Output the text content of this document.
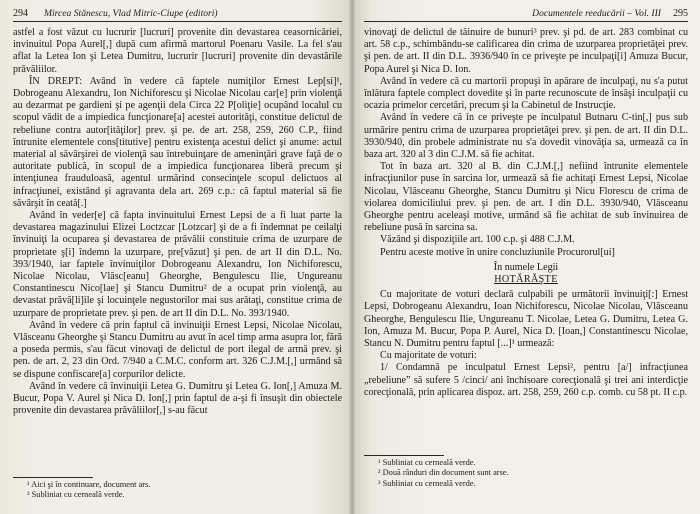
294 Mircea Stănescu, Vlad Mitric-Ciupe (editori)

astfel a fost văzut cu lucrurir [lucruri] provenite din devastarea ceasornicăriei, invinuitul Popa Aurel[,] după cum afirmă martorul Poenaru Vasile. La fel s'au aflat la Letea Ion şi Letea Dumitru, lucrurir [lucruri] provenite din devastările prăvăliilor.

ÎN DREPT: Având în vedere că faptele numiţilor Ernest Lep[si]¹, Dobrogeanu Alexandru, Ion Nichiforescu şi Nicolae Nicolau car[e] prin violenţă au dezarmat pe gardieni şi pe agenţii dela Circa 22 P[oliţie] ocupând localul cu scopul vădit de a impiedica funcţionare[a] acestei autorităţi, constitue delictul de rebeliune contra autor[ităţilor] prev. şi pe. de art. 258, 259, 260 C.P., fiind întrunite elementele cons[titutive] pentru existenţa acestui delict şi anume: actul material al săvârşirei de violenţă sau întrebuinţare de ameninţări grave faţă de o autoritate publică, în scopul de a impiedica funcţionarea liberă precum şi intenţiunea frauduloasă, agentul urmărind consecinţele scopul delictuos al infracţiunei, existând şi agravanta dela art. 269 c.p.: că faptul material să fie săvârşit în ceată[.]

Având în veder[e] că fapta invinuitului Ernest Lepsi de a fi luat parte la devastarea magazinului Elizei Loctzcar [Lotzcar] şi de a fi îndemnat pe ceilalţi învinuiţi la ocuparea şi devastarea de prăvălii constituie crima de uzurpare de proprietate ş[i] îndemn la uzurpare, pre[văzut] şi pen. de art II din D.L. No. 393/1940, iar faptele învinuiţilor Dobrogeanu Alexandru, Ion Nichiforescu, Nicolae Nicolau, Vlăsc[eanu] Gheorghe, Bengulescu Ilie, Ungureanu Constantinescu Nico[lae] şi Stancu Dumitru² de a ocupat prin violenţă, au devastat prăvă[li]ile şi locuinţele negustorilor mai sus arătaţi, constitue crima de uzurpare de proprietate prev. şi pen. de art II din D.L. No. 393/1940.

Având în vedere că prin faptul că invinuiţii Ernest Lepsi, Nicolae Nicolau, Vlăsceanu Gheorghe şi Stancu Dumitru au avut în acel timp arma asupra lor, fără a poseda permis, s'au făcut vinovaţi de delictul de port ilegal de armă prev. şi pen. de art. 2, 23 din Ord. 7/940 a C.M.C. conform art. 326 C.J.M.[,] urmând să se dispune confiscare[a] corpurilor delicte.

Având în vedere că învinuiţii Letea G. Dumitru şi Letea G. Ion[,] Amuza M. Bucur, Popa V. Aurel şi Nica D. Ion[,] prin faptul de a-şi fi însuşit din obiectele provenite din devastarea prăvăliilor[,] s-au făcut

¹ Aici şi în continuare, document ars.
² Subliniat cu cerneală verde.
Documentele reeducării – Vol. III 295

vinovaţi de delictul de tăinuire de bunuri³ prev. şi pd. de art. 283 combinat cu art. 58 c.p., schimbându-se calificarea din crima de uzurparea proprietăţei prev. şi pen. de art. II din D.L. 3936/940 în ce priveşte pe inculpaţi[i] Amuza Bucur, Popa Aurel şi Nica D. Ion.

Având în vedere că cu martorii propuşi în apărare de inculpaţi, nu s'a putut înlătura faptele complect dovedite şi în parte recunoscute de însăşi inculpaţii cu ocazia primelor cercetări, precum şi la Cabinetul de Instrucţie.

Având în vedere că în ce priveşte pe inculpatul Butnaru C-tin[,] pus sub urmărire pentru crima de uzurparea proprietăţei prev. şi pen. de art. II din D.L. 3930/940, din probele administrate nu s'a dovedit vinovăţia sa, urmează ca în baza art. 320 al 3 din C.J.M. să fie achitat.

Tot în baza art. 320 al B. din C.J.M.[,] nefiind întrunite elementele infracţiunilor puse în sarcina lor, urmează să fie achitaţi Ernest Lepsi, Nicolae Nicolau, Vlăsceanu Gheorghe, Stancu Dumitru şi Nicu Florescu de crima de violarea domiciliului prev. şi pen. de art. I din D.L. 3930/940, Vlăsceanu Gheorghe pentru aceleaşi motive, urmând să fie achitat de sub învinuirea de rebeliune pusă în sarcina sa.

Văzând şi dispoziţiile art. 100 c.p. şi 488 C.J.M.

Pentru aceste motive în unire concluziunile Procurorul[ui]

În numele Legii

HOTĂRĂŞTE

Cu majoritate de voturi declară culpabili pe următorii învinuiţi[:] Ernest Lepsi, Dobrogeanu Alexandru, Ioan Nichiforescu, Nicolae Nicolau, Vlăsceanu Gheorghe, Bengulescu Ilie, Ungureanu T. Nicolae, Letea G. Dumitru, Letea G. Ion, Amuza M. Bucur, Popa P. Aurel, Nica D. [Ioan,] Constantinescu Nicolae, Stancu N. Dumitru pentru faptul [...]¹ urmează:

Cu majoritate de voturi:

1/ Condamnă pe inculpatul Ernest Lepsi², pentru [a/] infracţiunea „rebeliune” să sufere 5 /cinci/ ani închisoare corecţională şi trei ani interdicţie corecţională, prin aplicarea dispoz. art. 258, 259, 260 c.p. comb. cu 58 pt. II c.p.

¹ Subliniat cu cerneală verde.
² Două rânduri din document sunt arse.
³ Subliniat cu cerneală verde.
